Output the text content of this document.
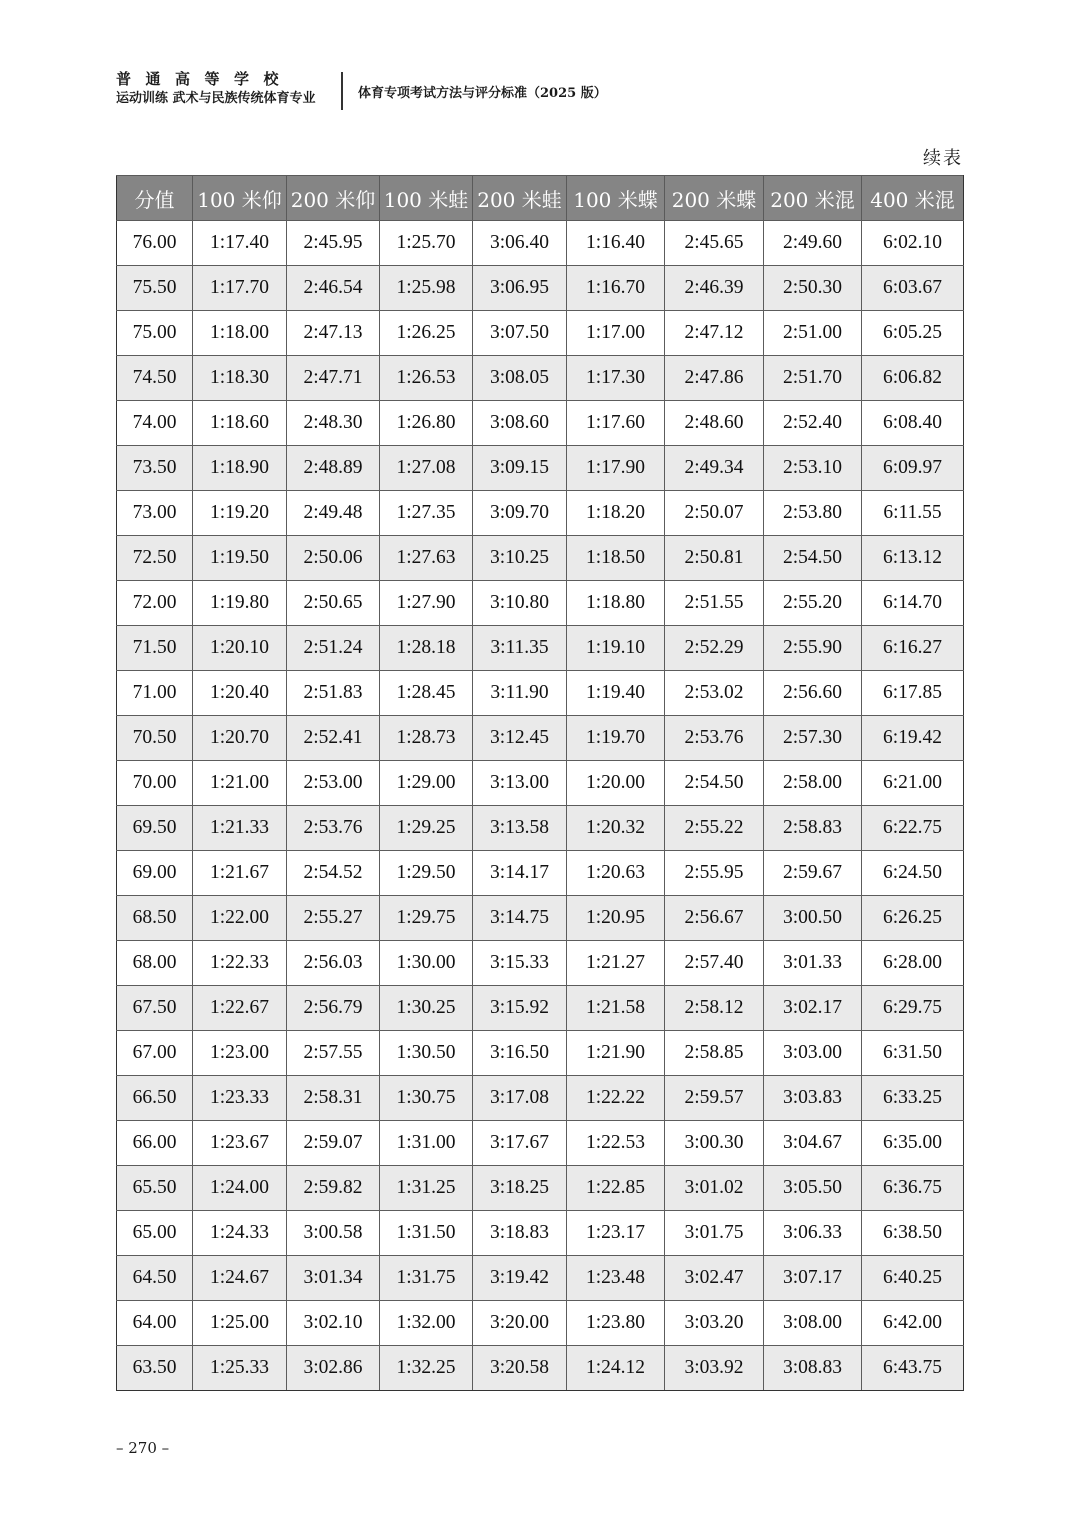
普通高等学校
运动训练 武术与民族传统体育专业	体育专项考试方法与评分标准（2025 版）
续表
分值	100 米仰	200 米仰	100 米蛙	200 米蛙	100 米蝶	200 米蝶	200 米混	400 米混
76.00	1:17.40	2:45.95	1:25.70	3:06.40	1:16.40	2:45.65	2:49.60	6:02.10
75.50	1:17.70	2:46.54	1:25.98	3:06.95	1:16.70	2:46.39	2:50.30	6:03.67
75.00	1:18.00	2:47.13	1:26.25	3:07.50	1:17.00	2:47.12	2:51.00	6:05.25
74.50	1:18.30	2:47.71	1:26.53	3:08.05	1:17.30	2:47.86	2:51.70	6:06.82
74.00	1:18.60	2:48.30	1:26.80	3:08.60	1:17.60	2:48.60	2:52.40	6:08.40
73.50	1:18.90	2:48.89	1:27.08	3:09.15	1:17.90	2:49.34	2:53.10	6:09.97
73.00	1:19.20	2:49.48	1:27.35	3:09.70	1:18.20	2:50.07	2:53.80	6:11.55
72.50	1:19.50	2:50.06	1:27.63	3:10.25	1:18.50	2:50.81	2:54.50	6:13.12
72.00	1:19.80	2:50.65	1:27.90	3:10.80	1:18.80	2:51.55	2:55.20	6:14.70
71.50	1:20.10	2:51.24	1:28.18	3:11.35	1:19.10	2:52.29	2:55.90	6:16.27
71.00	1:20.40	2:51.83	1:28.45	3:11.90	1:19.40	2:53.02	2:56.60	6:17.85
70.50	1:20.70	2:52.41	1:28.73	3:12.45	1:19.70	2:53.76	2:57.30	6:19.42
70.00	1:21.00	2:53.00	1:29.00	3:13.00	1:20.00	2:54.50	2:58.00	6:21.00
69.50	1:21.33	2:53.76	1:29.25	3:13.58	1:20.32	2:55.22	2:58.83	6:22.75
69.00	1:21.67	2:54.52	1:29.50	3:14.17	1:20.63	2:55.95	2:59.67	6:24.50
68.50	1:22.00	2:55.27	1:29.75	3:14.75	1:20.95	2:56.67	3:00.50	6:26.25
68.00	1:22.33	2:56.03	1:30.00	3:15.33	1:21.27	2:57.40	3:01.33	6:28.00
67.50	1:22.67	2:56.79	1:30.25	3:15.92	1:21.58	2:58.12	3:02.17	6:29.75
67.00	1:23.00	2:57.55	1:30.50	3:16.50	1:21.90	2:58.85	3:03.00	6:31.50
66.50	1:23.33	2:58.31	1:30.75	3:17.08	1:22.22	2:59.57	3:03.83	6:33.25
66.00	1:23.67	2:59.07	1:31.00	3:17.67	1:22.53	3:00.30	3:04.67	6:35.00
65.50	1:24.00	2:59.82	1:31.25	3:18.25	1:22.85	3:01.02	3:05.50	6:36.75
65.00	1:24.33	3:00.58	1:31.50	3:18.83	1:23.17	3:01.75	3:06.33	6:38.50
64.50	1:24.67	3:01.34	1:31.75	3:19.42	1:23.48	3:02.47	3:07.17	6:40.25
64.00	1:25.00	3:02.10	1:32.00	3:20.00	1:23.80	3:03.20	3:08.00	6:42.00
63.50	1:25.33	3:02.86	1:32.25	3:20.58	1:24.12	3:03.92	3:08.83	6:43.75
– 270 –
